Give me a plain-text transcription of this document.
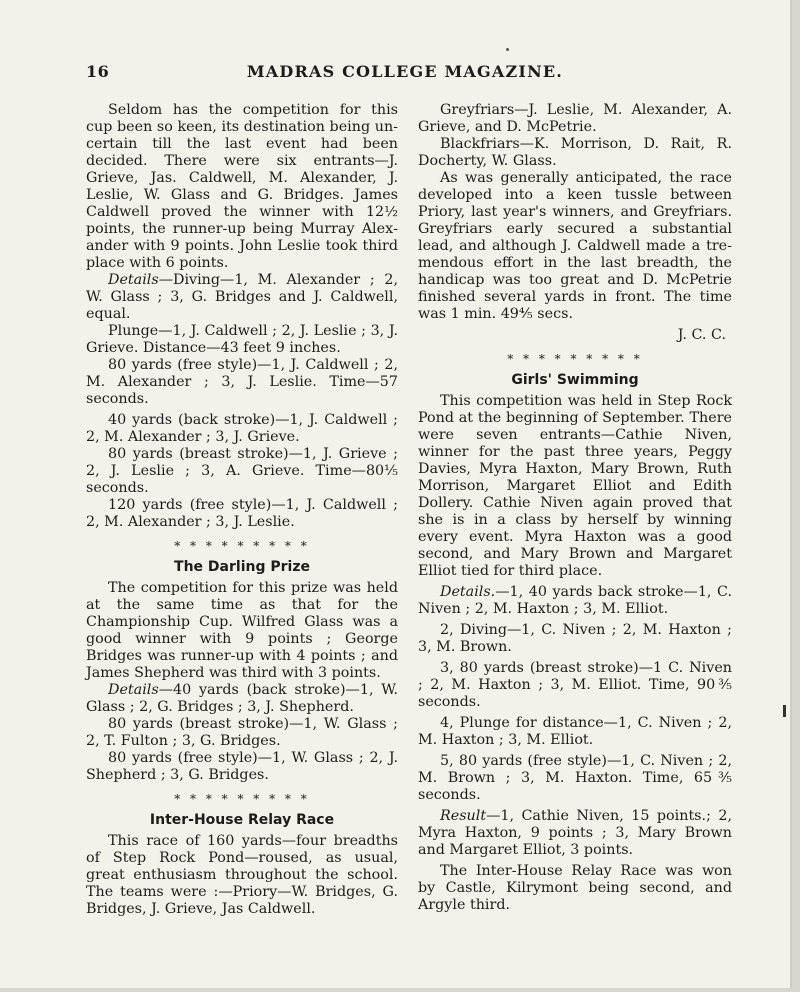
16	MADRAS COLLEGE MAGAZINE.

Seldom has the competition for this cup been so keen, its destination being uncertain till the last event had been decided. There were six entrants—J. Grieve, Jas. Caldwell, M. Alexander, J. Leslie, W. Glass and G. Bridges. James Caldwell proved the winner with 12½ points, the runner-up being Murray Alexander with 9 points. John Leslie took third place with 6 points.

Details—Diving—1, M. Alexander ; 2, W. Glass ; 3, G. Bridges and J. Caldwell, equal.

Plunge—1, J. Caldwell ; 2, J. Leslie ; 3, J. Grieve. Distance—43 feet 9 inches.

80 yards (free style)—1, J. Caldwell ; 2, M. Alexander ; 3, J. Leslie. Time—57 seconds.

40 yards (back stroke)—1, J. Caldwell ; 2, M. Alexander ; 3, J. Grieve.

80 yards (breast stroke)—1, J. Grieve ; 2, J. Leslie ; 3, A. Grieve. Time—80⅕ seconds.

120 yards (free style)—1, J. Caldwell ; 2, M. Alexander ; 3, J. Leslie.

* * * * * * * * *
The Darling Prize

The competition for this prize was held at the same time as that for the Championship Cup. Wilfred Glass was a good winner with 9 points ; George Bridges was runner-up with 4 points ; and James Shepherd was third with 3 points.

Details—40 yards (back stroke)—1, W. Glass ; 2, G. Bridges ; 3, J. Shepherd.

80 yards (breast stroke)—1, W. Glass ; 2, T. Fulton ; 3, G. Bridges.

80 yards (free style)—1, W. Glass ; 2, J. Shepherd ; 3, G. Bridges.

* * * * * * * * *
Inter-House Relay Race

This race of 160 yards—four breadths of Step Rock Pond—roused, as usual, great enthusiasm throughout the school. The teams were :—Priory—W. Bridges, G. Bridges, J. Grieve, Jas Caldwell.

Greyfriars—J. Leslie, M. Alexander, A. Grieve, and D. McPetrie.

Blackfriars—K. Morrison, D. Rait, R. Docherty, W. Glass.

As was generally anticipated, the race developed into a keen tussle between Priory, last year's winners, and Greyfriars. Greyfriars early secured a substantial lead, and although J. Caldwell made a tremendous effort in the last breadth, the handicap was too great and D. McPetrie finished several yards in front. The time was 1 min. 49⅘ secs.

J. C. C.
* * * * * * * * *
Girls' Swimming

This competition was held in Step Rock Pond at the beginning of September. There were seven entrants—Cathie Niven, winner for the past three years, Peggy Davies, Myra Haxton, Mary Brown, Ruth Morrison, Margaret Elliot and Edith Dollery. Cathie Niven again proved that she is in a class by herself by winning every event. Myra Haxton was a good second, and Mary Brown and Margaret Elliot tied for third place.

Details.—1, 40 yards back stroke—1, C. Niven ; 2, M. Haxton ; 3, M. Elliot.

2, Diving—1, C. Niven ; 2, M. Haxton ; 3, M. Brown.

3, 80 yards (breast stroke)—1 C. Niven ; 2, M. Haxton ; 3, M. Elliot. Time, 90⅗ seconds.

4, Plunge for distance—1, C. Niven ; 2, M. Haxton ; 3, M. Elliot.

5, 80 yards (free style)—1, C. Niven ; 2, M. Brown ; 3, M. Haxton. Time, 65⅗ seconds.

Result—1, Cathie Niven, 15 points.; 2, Myra Haxton, 9 points ; 3, Mary Brown and Margaret Elliot, 3 points.

The Inter-House Relay Race was won by Castle, Kilrymont being second, and Argyle third.
